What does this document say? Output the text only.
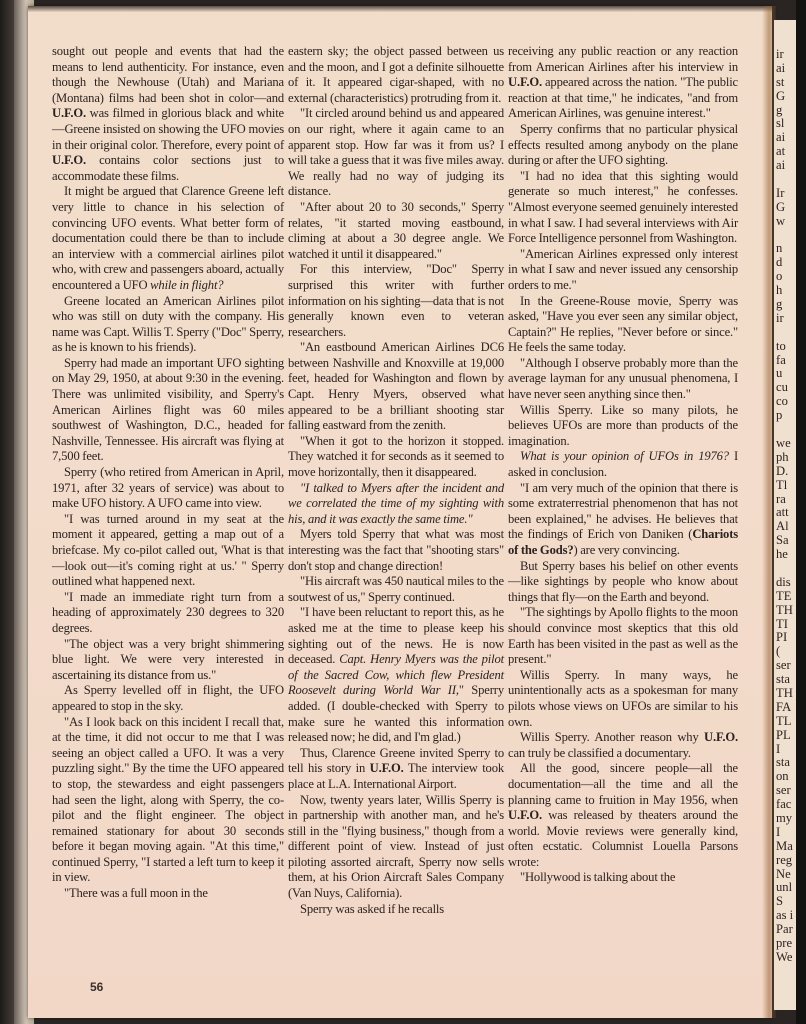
sought out people and events that had the means to lend authenticity. For instance, even though the Newhouse (Utah) and Mariana (Montana) films had been shot in color—and U.F.O. was filmed in glorious black and white—Greene insisted on showing the UFO movies in their original color. Therefore, every point of U.F.O. contains color sections just to accommodate these films.

It might be argued that Clarence Greene left very little to chance in his selection of convincing UFO events. What better form of documentation could there be than to include an interview with a commercial airlines pilot who, with crew and passengers aboard, actually encountered a UFO while in flight?

Greene located an American Airlines pilot who was still on duty with the company. His name was Capt. Willis T. Sperry ("Doc" Sperry, as he is known to his friends).

Sperry had made an important UFO sighting on May 29, 1950, at about 9:30 in the evening. There was unlimited visibility, and Sperry's American Airlines flight was 60 miles southwest of Washington, D.C., headed for Nashville, Tennessee. His aircraft was flying at 7,500 feet.

Sperry (who retired from American in April, 1971, after 32 years of service) was about to make UFO history. A UFO came into view.

"I was turned around in my seat at the moment it appeared, getting a map out of a briefcase. My co-pilot called out, 'What is that—look out—it's coming right at us.' " Sperry outlined what happened next.

"I made an immediate right turn from a heading of approximately 230 degrees to 320 degrees.

"The object was a very bright shimmering blue light. We were very interested in ascertaining its distance from us."

As Sperry levelled off in flight, the UFO appeared to stop in the sky.

"As I look back on this incident I recall that, at the time, it did not occur to me that I was seeing an object called a UFO. It was a very puzzling sight." By the time the UFO appeared to stop, the stewardess and eight passengers had seen the light, along with Sperry, the co-pilot and the flight engineer. The object remained stationary for about 30 seconds before it began moving again. "At this time," continued Sperry, "I started a left turn to keep it in view.

"There was a full moon in the

eastern sky; the object passed between us and the moon, and I got a definite silhouette of it. It appeared cigar-shaped, with no external (characteristics) protruding from it.

"It circled around behind us and appeared on our right, where it again came to an apparent stop. How far was it from us? I will take a guess that it was five miles away. We really had no way of judging its distance.

"After about 20 to 30 seconds," Sperry relates, "it started moving eastbound, climing at about a 30 degree angle. We watched it until it disappeared."

For this interview, "Doc" Sperry surprised this writer with further information on his sighting—data that is not generally known even to veteran researchers.

"An eastbound American Airlines DC6 between Nashville and Knoxville at 19,000 feet, headed for Washington and flown by Capt. Henry Myers, observed what appeared to be a brilliant shooting star falling eastward from the zenith.

"When it got to the horizon it stopped. They watched it for seconds as it seemed to move horizontally, then it disappeared.

"I talked to Myers after the incident and we correlated the time of my sighting with his, and it was exactly the same time."

Myers told Sperry that what was most interesting was the fact that "shooting stars" don't stop and change direction!

"His aircraft was 450 nautical miles to the soutwest of us," Sperry continued.

"I have been reluctant to report this, as he asked me at the time to please keep his sighting out of the news. He is now deceased. Capt. Henry Myers was the pilot of the Sacred Cow, which flew President Roosevelt during World War II," Sperry added. (I double-checked with Sperry to make sure he wanted this information released now; he did, and I'm glad.)

Thus, Clarence Greene invited Sperry to tell his story in U.F.O. The interview took place at L.A. International Airport.

Now, twenty years later, Willis Sperry is in partnership with another man, and he's still in the "flying business," though from a different point of view. Instead of just piloting assorted aircraft, Sperry now sells them, at his Orion Aircraft Sales Company (Van Nuys, California).

Sperry was asked if he recalls

receiving any public reaction or any reaction from American Airlines after his interview in U.F.O. appeared across the nation. "The public reaction at that time," he indicates, "and from American Airlines, was genuine interest."

Sperry confirms that no particular physical effects resulted among anybody on the plane during or after the UFO sighting.

"I had no idea that this sighting would generate so much interest," he confesses. "Almost everyone seemed genuinely interested in what I saw. I had several interviews with Air Force Intelligence personnel from Washington.

"American Airlines expressed only interest in what I saw and never issued any censorship orders to me."

In the Greene-Rouse movie, Sperry was asked, "Have you ever seen any similar object, Captain?" He replies, "Never before or since." He feels the same today.

"Although I observe probably more than the average layman for any unusual phenomena, I have never seen anything since then."

Willis Sperry. Like so many pilots, he believes UFOs are more than products of the imagination.

What is your opinion of UFOs in 1976? I asked in conclusion.

"I am very much of the opinion that there is some extraterrestrial phenomenon that has not been explained," he advises. He believes that the findings of Erich von Daniken (Chariots of the Gods?) are very convincing.

But Sperry bases his belief on other events—like sightings by people who know about things that fly—on the Earth and beyond.

"The sightings by Apollo flights to the moon should convince most skeptics that this old Earth has been visited in the past as well as the present."

Willis Sperry. In many ways, he unintentionally acts as a spokesman for many pilots whose views on UFOs are similar to his own.

Willis Sperry. Another reason why U.F.O. can truly be classified a documentary.

All the good, sincere people—all the documentation—all the time and all the planning came to fruition in May 1956, when U.F.O. was released by theaters around the world. Movie reviews were generally kind, often ecstatic. Columnist Louella Parsons wrote:

"Hollywood is talking about the

56
ir
ai
st
G
g
sl
ai
at
ai
Ir
G
w
n
d
o
h
g
ir
to
fa
u
cu
co
p
we
ph
D.
Tl
ra
att
Al
Sa
he
dis
TE
TH
TI
PI
(
ser
sta
TH
FA
TL
PL
I
sta
on
ser
fac
my
I
Ma
reg
Ne
unl
S
as i
Par
pre
We
